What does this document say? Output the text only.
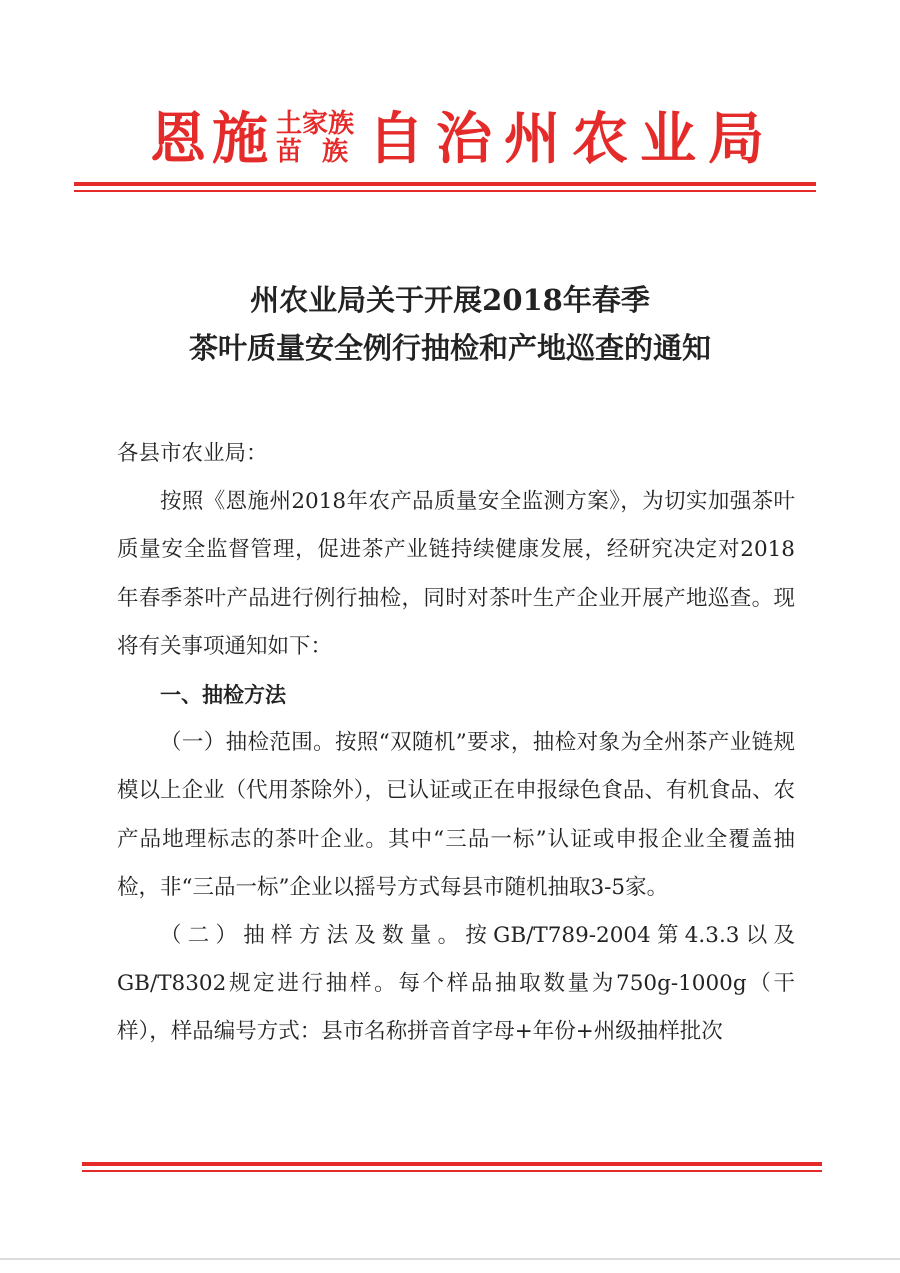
恩施 土家族
苗族 自治州农业局
州农业局关于开展2018年春季
茶叶质量安全例行抽检和产地巡查的通知

各县市农业局：

按照《恩施州2018年农产品质量安全监测方案》，为切实加强茶叶质量安全监督管理，促进茶产业链持续健康发展，经研究决定对2018年春季茶叶产品进行例行抽检，同时对茶叶生产企业开展产地巡查。现将有关事项通知如下：

一、抽检方法

（一）抽检范围。按照“双随机”要求，抽检对象为全州茶产业链规模以上企业（代用茶除外），已认证或正在申报绿色食品、有机食品、农产品地理标志的茶叶企业。其中“三品一标”认证或申报企业全覆盖抽检，非“三品一标”企业以摇号方式每县市随机抽取3-5家。

（二）抽样方法及数量。按GB/T789-2004第4.3.3以及GB/T8302规定进行抽样。每个样品抽取数量为750g-1000g（干样），样品编号方式：县市名称拼音首字母+年份+州级抽样批次
